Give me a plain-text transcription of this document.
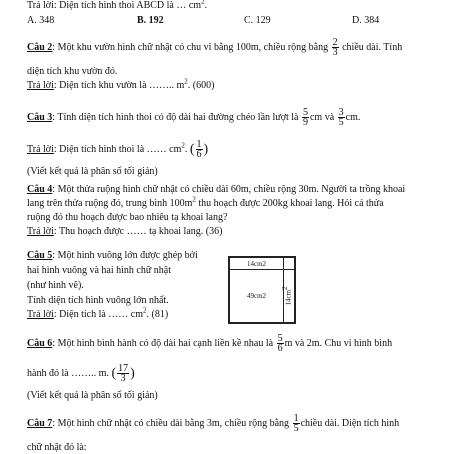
Trả lời: Diện tích hình thoi ABCD là … $cm^2$.
A. 348	B. 192	C. 129	D. 384
Câu 2: Một khu vườn hình chữ nhật có chu vi bằng 100m, chiều rộng bằng $\frac{2}{3}$ chiều dài. Tính
diện tích khu vườn đó.
Trả lời: Diện tích khu vườn là …….. $m^2$. (600)
Câu 3: Tính diện tích hình thoi có độ dài hai đường chéo lần lượt là $\frac{5}{9}$ cm và $\frac{3}{5}$ cm.
Trả lời: Diện tích hình thoi là …… $cm^2$. ( $\frac{1}{6}$ )
(Viết kết quả là phân số tối giản)
Câu 4: Một thửa ruộng hình chữ nhật có chiều dài 60m, chiều rộng 30m. Người ta trồng khoai
lang trên thửa ruộng đó, trung bình $100m^2$ thu hoạch được 200kg khoai lang. Hỏi cả thửa
ruộng đó thu hoạch được bao nhiêu tạ khoai lang?
Trả lời: Thu hoạch được …… tạ khoai lang. (36)
Câu 5: Một hình vuông lớn được ghép bởi
hai hình vuông và hai hình chữ nhật
(như hình vẽ).
Tính diện tích hình vuông lớn nhất.
Trả lời: Diện tích là …… $cm^2$. (81)
14cm 2
49cm 2	$14cm^2$
Câu 6: Một hình bình hành có độ dài hai cạnh liền kề nhau là $\frac{5}{6}$ m và 2m. Chu vi hình bình
hành đó là …….. m. ( $\frac{17}{3}$ )
(Viết kết quả là phân số tối giản)
Câu 7: Một hình chữ nhật có chiều dài bằng 3m, chiều rộng bằng $\frac{1}{5}$ chiều dài. Diện tích hình
chữ nhật đó là:
